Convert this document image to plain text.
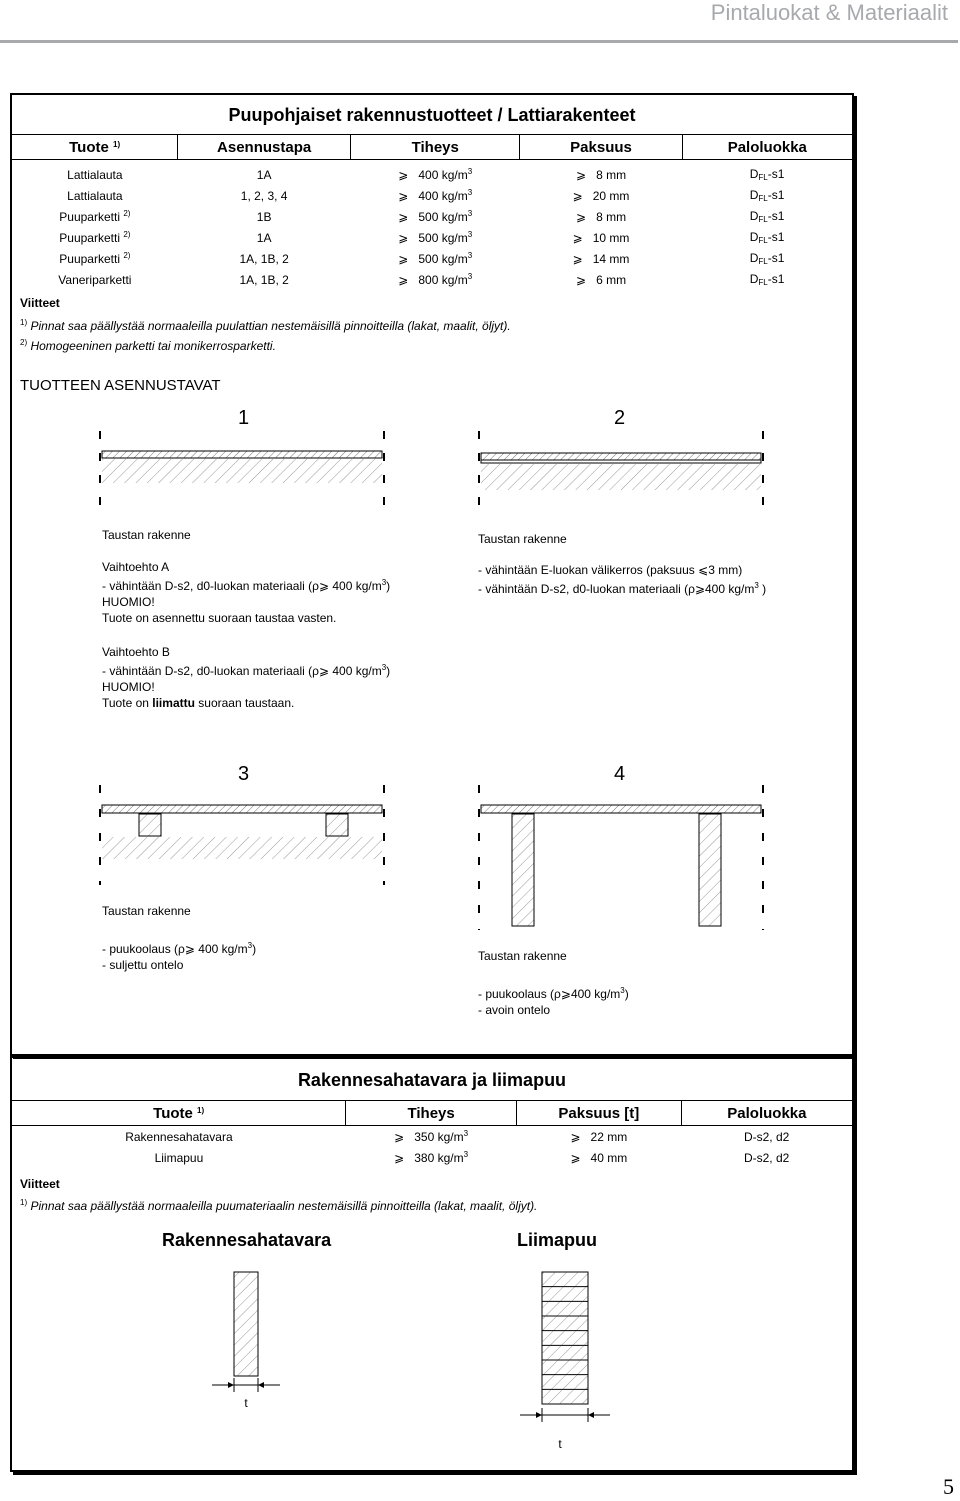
Pintaluokat & Materiaalit
Puupohjaiset rakennustuotteet / Lattiarakenteet
Tuote $^{1)}$	Asennustapa	Tiheys	Paksuus	Paloluokka
Lattialauta	1A	⩾ 400 $kg/m^3$	⩾ 8 mm	$D_{FL}-s1$
Lattialauta	1, 2, 3, 4	⩾ 400 $kg/m^3$	⩾ 20 mm	$D_{FL}-s1$
Puuparketti $^{2)}$	1B	⩾ 500 $kg/m^3$	⩾ 8 mm	$D_{FL}-s1$
Puuparketti $^{2)}$	1A	⩾ 500 $kg/m^3$	⩾ 10 mm	$D_{FL}-s1$
Puuparketti $^{2)}$	1A, 1B, 2	⩾ 500 $kg/m^3$	⩾ 14 mm	$D_{FL}-s1$
Vaneriparketti	1A, 1B, 2	⩾ 800 $kg/m^3$	⩾ 6 mm	$D_{FL}-s1$
Viitteet
$^{1)}$ Pinnat saa päällystää normaaleilla puulattian nestemäisillä pinnoitteilla (lakat, maalit, öljyt).
$^{2)}$ Homogeeninen parketti tai monikerrosparketti.
TUOTTEEN ASENNUSTAVAT
1
Taustan rakenne
Vaihtoehto A
- vähintään D-s2, d0-luokan materiaali (ρ⩾ 400 $kg/m^3$)
HUOMIO!
Tuote on asennettu suoraan taustaa vasten.
Vaihtoehto B
- vähintään D-s2, d0-luokan materiaali (ρ⩾ 400 $kg/m^3$)
HUOMIO!
Tuote on liimattu suoraan taustaan.
2
Taustan rakenne
- vähintään E-luokan välikerros (paksuus ⩽3 mm)
- vähintään D-s2, d0-luokan materiaali (ρ⩾400 $kg/m^3$ )
3
Taustan rakenne
- puukoolaus (ρ⩾ 400 $kg/m^3$)
- suljettu ontelo
4
Taustan rakenne
- puukoolaus (ρ⩾400 $kg/m^3$)
- avoin ontelo
Rakennesahatavara ja liimapuu
Tuote $^{1)}$	Tiheys	Paksuus [t]	Paloluokka
Rakennesahatavara	⩾ 350 $kg/m^3$	⩾ 22 mm	D-s2, d2
Liimapuu	⩾ 380 $kg/m^3$	⩾ 40 mm	D-s2, d2
Viitteet
$^{1)}$ Pinnat saa päällystää normaaleilla puumateriaalin nestemäisillä pinnoitteilla (lakat, maalit, öljyt).
Rakennesahatavara	Liimapuu
t
t
5
